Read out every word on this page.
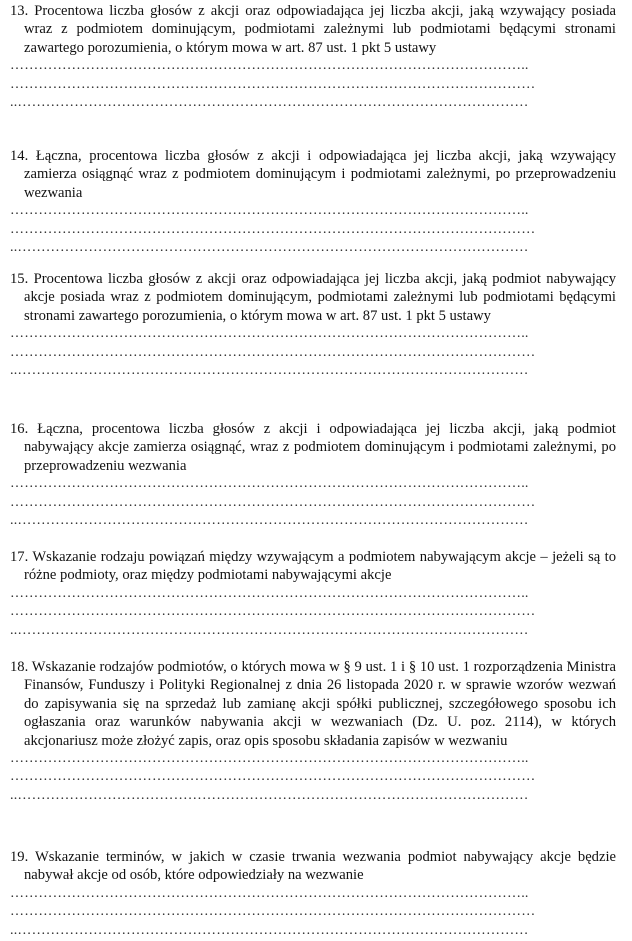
13. Procentowa liczba głosów z akcji oraz odpowiadająca jej liczba akcji, jaką wzywający posiada wraz z podmiotem dominującym, podmiotami zależnymi lub podmiotami będącymi stronami zawartego porozumienia, o którym mowa w art. 87 ust. 1 pkt 5 ustawy

………………………………………………………………………………………………..
…………………………………………………………………………………………………
..………………………………………………………………………………………………

14. Łączna, procentowa liczba głosów z akcji i odpowiadająca jej liczba akcji, jaką wzywający zamierza osiągnąć wraz z podmiotem dominującym i podmiotami zależnymi, po przeprowadzeniu wezwania

………………………………………………………………………………………………..
…………………………………………………………………………………………………
..………………………………………………………………………………………………

15. Procentowa liczba głosów z akcji oraz odpowiadająca jej liczba akcji, jaką podmiot nabywający akcje posiada wraz z podmiotem dominującym, podmiotami zależnymi lub podmiotami będącymi stronami zawartego porozumienia, o którym mowa w art. 87 ust. 1 pkt 5 ustawy

………………………………………………………………………………………………..
…………………………………………………………………………………………………
..………………………………………………………………………………………………

16. Łączna, procentowa liczba głosów z akcji i odpowiadająca jej liczba akcji, jaką podmiot nabywający akcje zamierza osiągnąć, wraz z podmiotem dominującym i podmiotami zależnymi, po przeprowadzeniu wezwania

………………………………………………………………………………………………..
…………………………………………………………………………………………………
..………………………………………………………………………………………………

17. Wskazanie rodzaju powiązań między wzywającym a podmiotem nabywającym akcje – jeżeli są to różne podmioty, oraz między podmiotami nabywającymi akcje

………………………………………………………………………………………………..
…………………………………………………………………………………………………
..………………………………………………………………………………………………

18. Wskazanie rodzajów podmiotów, o których mowa w § 9 ust. 1 i § 10 ust. 1 rozporządzenia Ministra Finansów, Funduszy i Polityki Regionalnej z dnia 26 listopada 2020 r. w sprawie wzorów wezwań do zapisywania się na sprzedaż lub zamianę akcji spółki publicznej, szczegółowego sposobu ich ogłaszania oraz warunków nabywania akcji w wezwaniach (Dz. U. poz. 2114), w których akcjonariusz może złożyć zapis, oraz opis sposobu składania zapisów w wezwaniu

………………………………………………………………………………………………..
…………………………………………………………………………………………………
..………………………………………………………………………………………………

19. Wskazanie terminów, w jakich w czasie trwania wezwania podmiot nabywający akcje będzie nabywał akcje od osób, które odpowiedziały na wezwanie

………………………………………………………………………………………………..
…………………………………………………………………………………………………
..………………………………………………………………………………………………
